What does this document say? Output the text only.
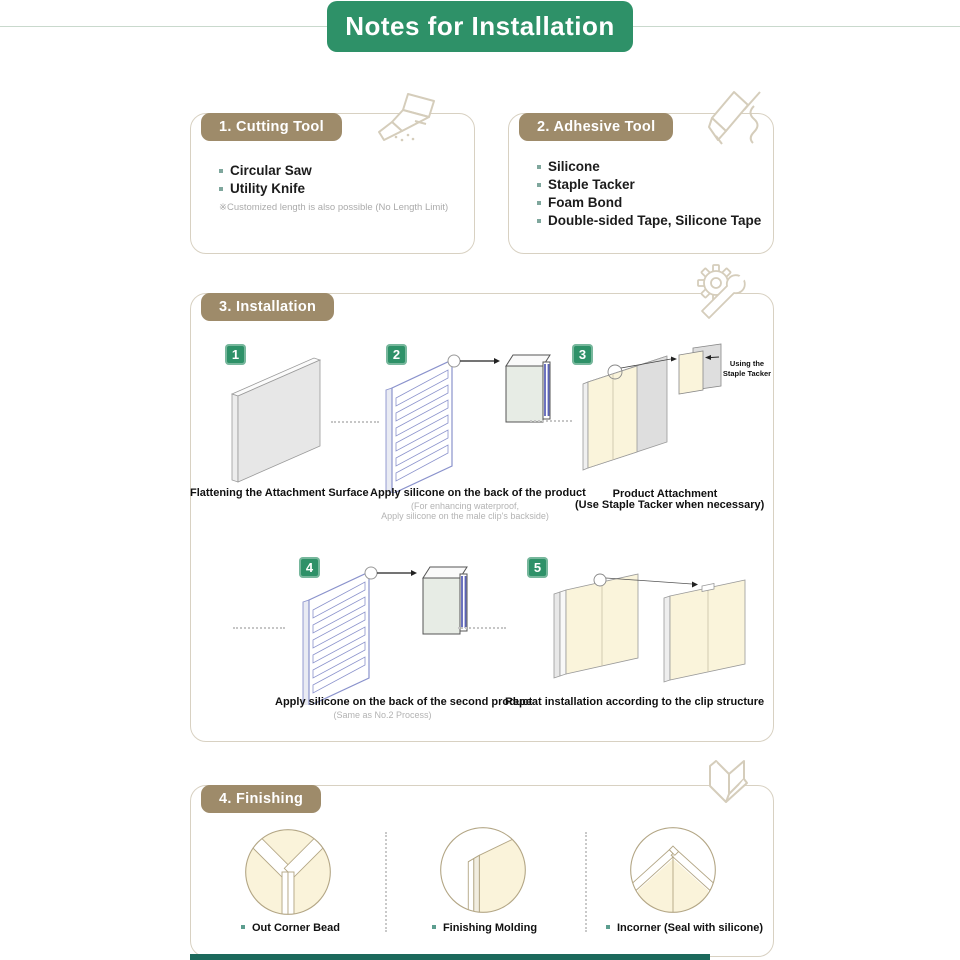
Notes for Installation
1. Cutting Tool
Circular Saw
Utility Knife
※Customized length is also possible (No Length Limit)
2. Adhesive Tool
Silicone
Staple Tacker
Foam Bond
Double-sided Tape, Silicone Tape
3. Installation
1	2	3
4	5
Using the
Staple Tacker
Flattening the Attachment Surface Apply silicone on the back of the product
(For enhancing waterproof,
Apply silicone on the male clip's backside)
Product Attachment
(Use Staple Tacker when necessary)
Apply silicone on the back of the second product
(Same as No.2 Process)
Repeat installation according to the clip structure
4. Finishing
Out Corner Bead	Finishing Molding	Incorner (Seal with silicone)
